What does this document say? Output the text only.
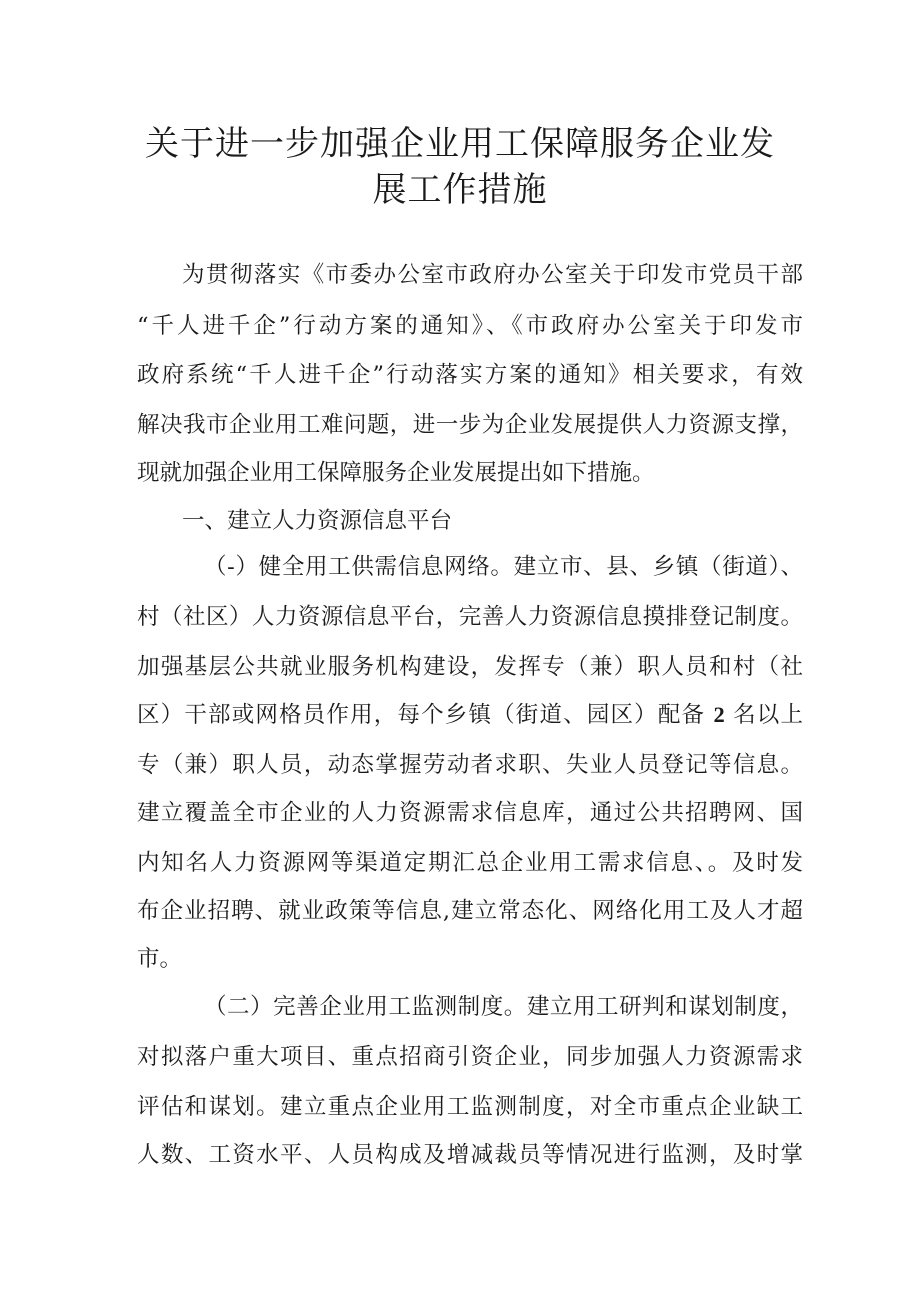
关于进一步加强企业用工保障服务企业发
展工作措施
为贯彻落实《市委办公室市政府办公室关于印发市党员干部
“千人进千企”行动方案的通知》、《市政府办公室关于印发市
政府系统“千人进千企”行动落实方案的通知》相关要求，有效
解决我市企业用工难问题，进一步为企业发展提供人力资源支撑，
现就加强企业用工保障服务企业发展提出如下措施。
一、建立人力资源信息平台
（-）健全用工供需信息网络。建立市、县、乡镇（街道）、
村（社区）人力资源信息平台，完善人力资源信息摸排登记制度。
加强基层公共就业服务机构建设，发挥专（兼）职人员和村（社
区）干部或网格员作用，每个乡镇（街道、园区）配备 2 名以上
专（兼）职人员，动态掌握劳动者求职、失业人员登记等信息。
建立覆盖全市企业的人力资源需求信息库，通过公共招聘网、国
内知名人力资源网等渠道定期汇总企业用工需求信息、。及时发
布企业招聘、就业政策等信息,建立常态化、网络化用工及人才超
市。
（二）完善企业用工监测制度。建立用工研判和谋划制度，
对拟落户重大项目、重点招商引资企业，同步加强人力资源需求
评估和谋划。建立重点企业用工监测制度，对全市重点企业缺工
人数、工资水平、人员构成及增减裁员等情况进行监测，及时掌
